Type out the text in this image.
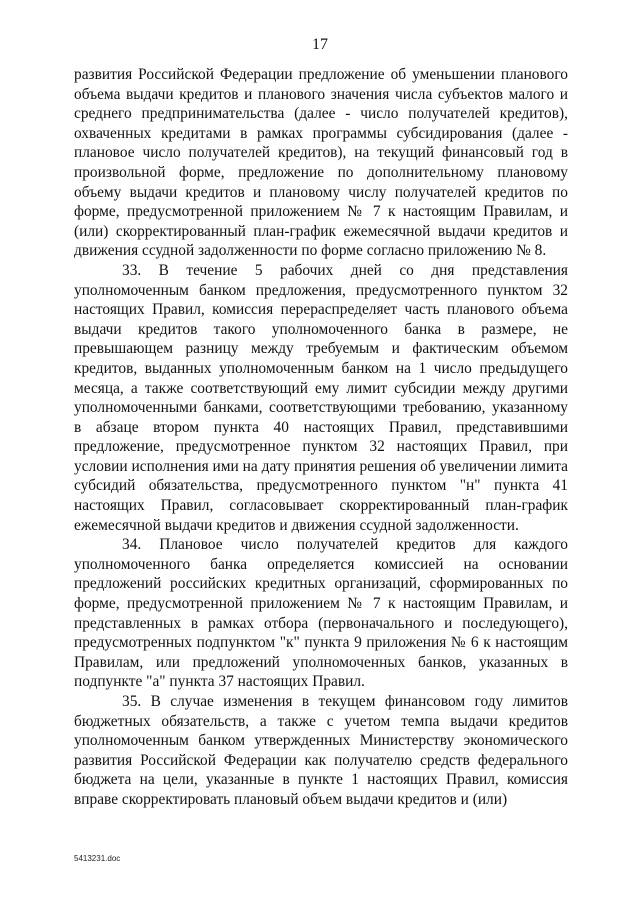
17

развития Российской Федерации предложение об уменьшении планового объема выдачи кредитов и планового значения числа субъектов малого и среднего предпринимательства (далее - число получателей кредитов), охваченных кредитами в рамках программы субсидирования (далее - плановое число получателей кредитов), на текущий финансовый год в произвольной форме, предложение по дополнительному плановому объему выдачи кредитов и плановому числу получателей кредитов по форме, предусмотренной приложением № 7 к настоящим Правилам, и (или) скорректированный план-график ежемесячной выдачи кредитов и движения ссудной задолженности по форме согласно приложению № 8.

33. В течение 5 рабочих дней со дня представления уполномоченным банком предложения, предусмотренного пунктом 32 настоящих Правил, комиссия перераспределяет часть планового объема выдачи кредитов такого уполномоченного банка в размере, не превышающем разницу между требуемым и фактическим объемом кредитов, выданных уполномоченным банком на 1 число предыдущего месяца, а также соответствующий ему лимит субсидии между другими уполномоченными банками, соответствующими требованию, указанному в абзаце втором пункта 40 настоящих Правил, представившими предложение, предусмотренное пунктом 32 настоящих Правил, при условии исполнения ими на дату принятия решения об увеличении лимита субсидий обязательства, предусмотренного пунктом "н" пункта 41 настоящих Правил, согласовывает скорректированный план-график ежемесячной выдачи кредитов и движения ссудной задолженности.

34. Плановое число получателей кредитов для каждого уполномоченного банка определяется комиссией на основании предложений российских кредитных организаций, сформированных по форме, предусмотренной приложением № 7 к настоящим Правилам, и представленных в рамках отбора (первоначального и последующего), предусмотренных подпунктом "к" пункта 9 приложения № 6 к настоящим Правилам, или предложений уполномоченных банков, указанных в подпункте "а" пункта 37 настоящих Правил.

35. В случае изменения в текущем финансовом году лимитов бюджетных обязательств, а также с учетом темпа выдачи кредитов уполномоченным банком утвержденных Министерству экономического развития Российской Федерации как получателю средств федерального бюджета на цели, указанные в пункте 1 настоящих Правил, комиссия вправе скорректировать плановый объем выдачи кредитов и (или)

5413231.doc
